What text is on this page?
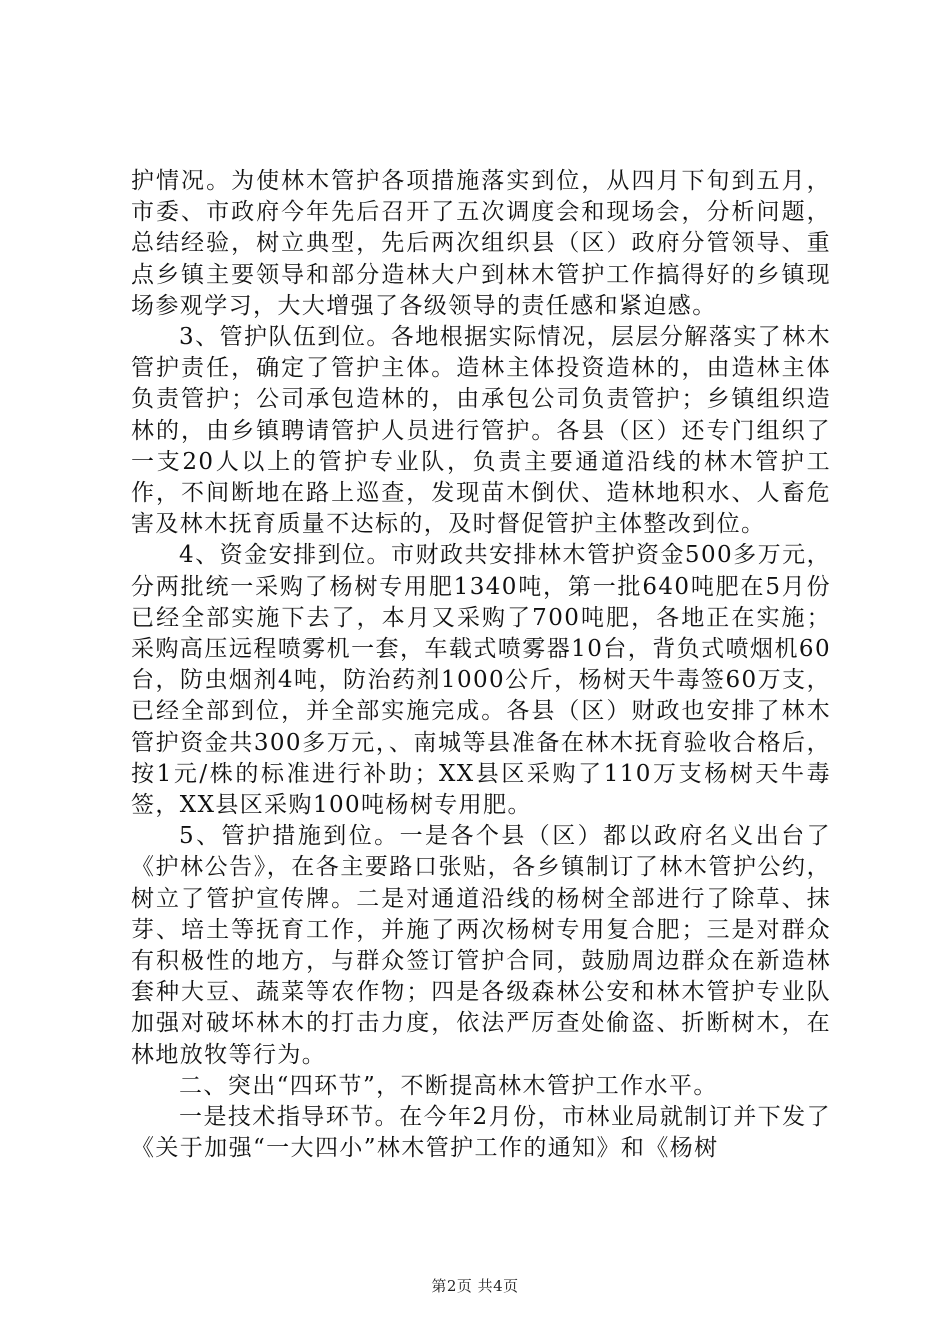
护情况。为使林木管护各项措施落实到位，从四月下旬到五月，市委、市政府今年先后召开了五次调度会和现场会，分析问题，总结经验，树立典型，先后两次组织县（区）政府分管领导、重点乡镇主要领导和部分造林大户到林木管护工作搞得好的乡镇现场参观学习，大大增强了各级领导的责任感和紧迫感。

3、管护队伍到位。各地根据实际情况，层层分解落实了林木管护责任，确定了管护主体。造林主体投资造林的，由造林主体负责管护；公司承包造林的，由承包公司负责管护；乡镇组织造林的，由乡镇聘请管护人员进行管护。各县（区）还专门组织了一支20人以上的管护专业队，负责主要通道沿线的林木管护工作，不间断地在路上巡查，发现苗木倒伏、造林地积水、人畜危害及林木抚育质量不达标的，及时督促管护主体整改到位。

4、资金安排到位。市财政共安排林木管护资金500多万元，分两批统一采购了杨树专用肥1340吨，第一批640吨肥在5月份已经全部实施下去了，本月又采购了700吨肥，各地正在实施；采购高压远程喷雾机一套，车载式喷雾器10台，背负式喷烟机60台，防虫烟剂4吨，防治药剂1000公斤，杨树天牛毒签60万支，已经全部到位，并全部实施完成。各县（区）财政也安排了林木管护资金共300多万元，、南城等县准备在林木抚育验收合格后，按1元/株的标准进行补助；XX县区采购了110万支杨树天牛毒签，XX县区采购100吨杨树专用肥。

5、管护措施到位。一是各个县（区）都以政府名义出台了《护林公告》，在各主要路口张贴，各乡镇制订了林木管护公约，树立了管护宣传牌。二是对通道沿线的杨树全部进行了除草、抹芽、培土等抚育工作，并施了两次杨树专用复合肥；三是对群众有积极性的地方，与群众签订管护合同，鼓励周边群众在新造林套种大豆、蔬菜等农作物；四是各级森林公安和林木管护专业队加强对破坏林木的打击力度，依法严厉查处偷盗、折断树木，在林地放牧等行为。

二、突出“四环节”，不断提高林木管护工作水平。

一是技术指导环节。在今年2月份，市林业局就制订并下发了《关于加强“一大四小”林木管护工作的通知》和《杨树

第2页 共4页
